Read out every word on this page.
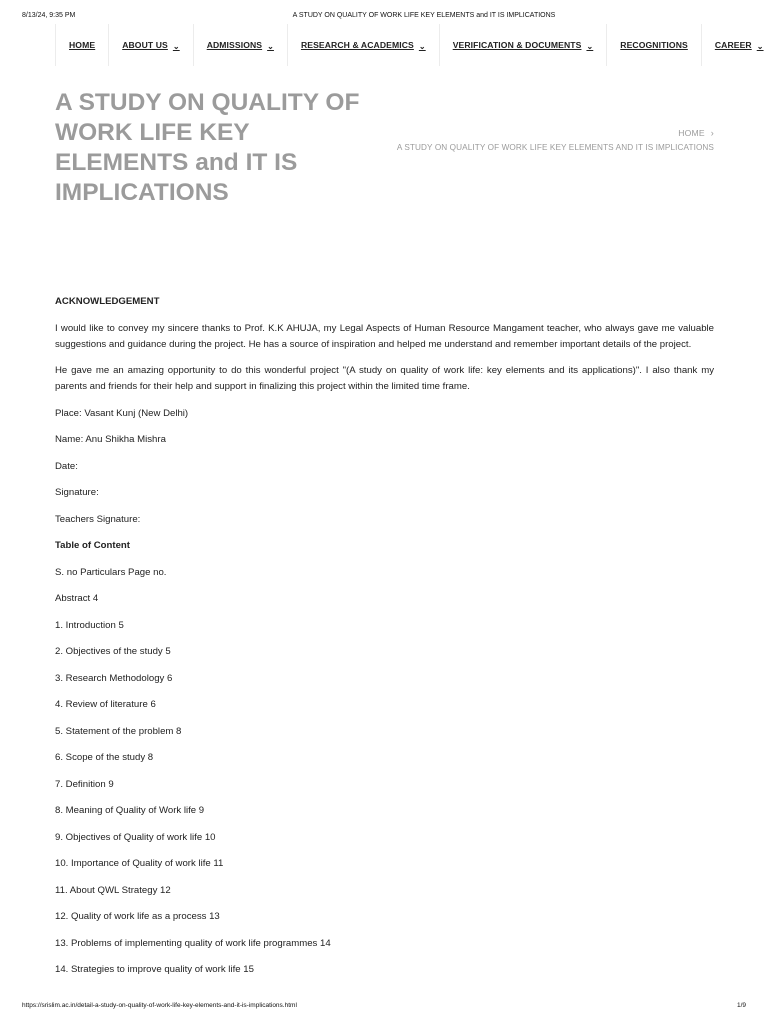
8/13/24, 9:35 PM	A STUDY ON QUALITY OF WORK LIFE KEY ELEMENTS and IT IS IMPLICATIONS
HOME	ABOUT US ⌄	ADMISSIONS ⌄	RESEARCH & ACADEMICS ⌄	VERIFICATION & DOCUMENTS ⌄	RECOGNITIONS	CAREER ⌄
A STUDY ON QUALITY OF WORK LIFE KEY ELEMENTS and IT IS IMPLICATIONS
HOME ›
A STUDY ON QUALITY OF WORK LIFE KEY ELEMENTS AND IT IS IMPLICATIONS

ACKNOWLEDGEMENT

I would like to convey my sincere thanks to Prof. K.K AHUJA, my Legal Aspects of Human Resource Mangament teacher, who always gave me valuable suggestions and guidance during the project. He has a source of inspiration and helped me understand and remember important details of the project.

He gave me an amazing opportunity to do this wonderful project "(A study on quality of work life: key elements and its applications)". I also thank my parents and friends for their help and support in finalizing this project within the limited time frame.

Place: Vasant Kunj (New Delhi)

Name: Anu Shikha Mishra

Date:

Signature:

Teachers Signature:

Table of Content

S. no Particulars Page no.

Abstract 4

1. Introduction 5

2. Objectives of the study 5

3. Research Methodology 6

4. Review of literature 6

5. Statement of the problem 8

6. Scope of the study 8

7. Definition 9

8. Meaning of Quality of Work life 9

9. Objectives of Quality of work life 10

10. Importance of Quality of work life 11

11. About QWL Strategy 12

12. Quality of work life as a process 13

13. Problems of implementing quality of work life programmes 14

14. Strategies to improve quality of work life 15

https://srislim.ac.in/detail-a-study-on-quality-of-work-life-key-elements-and-it-is-implications.html	1/9
